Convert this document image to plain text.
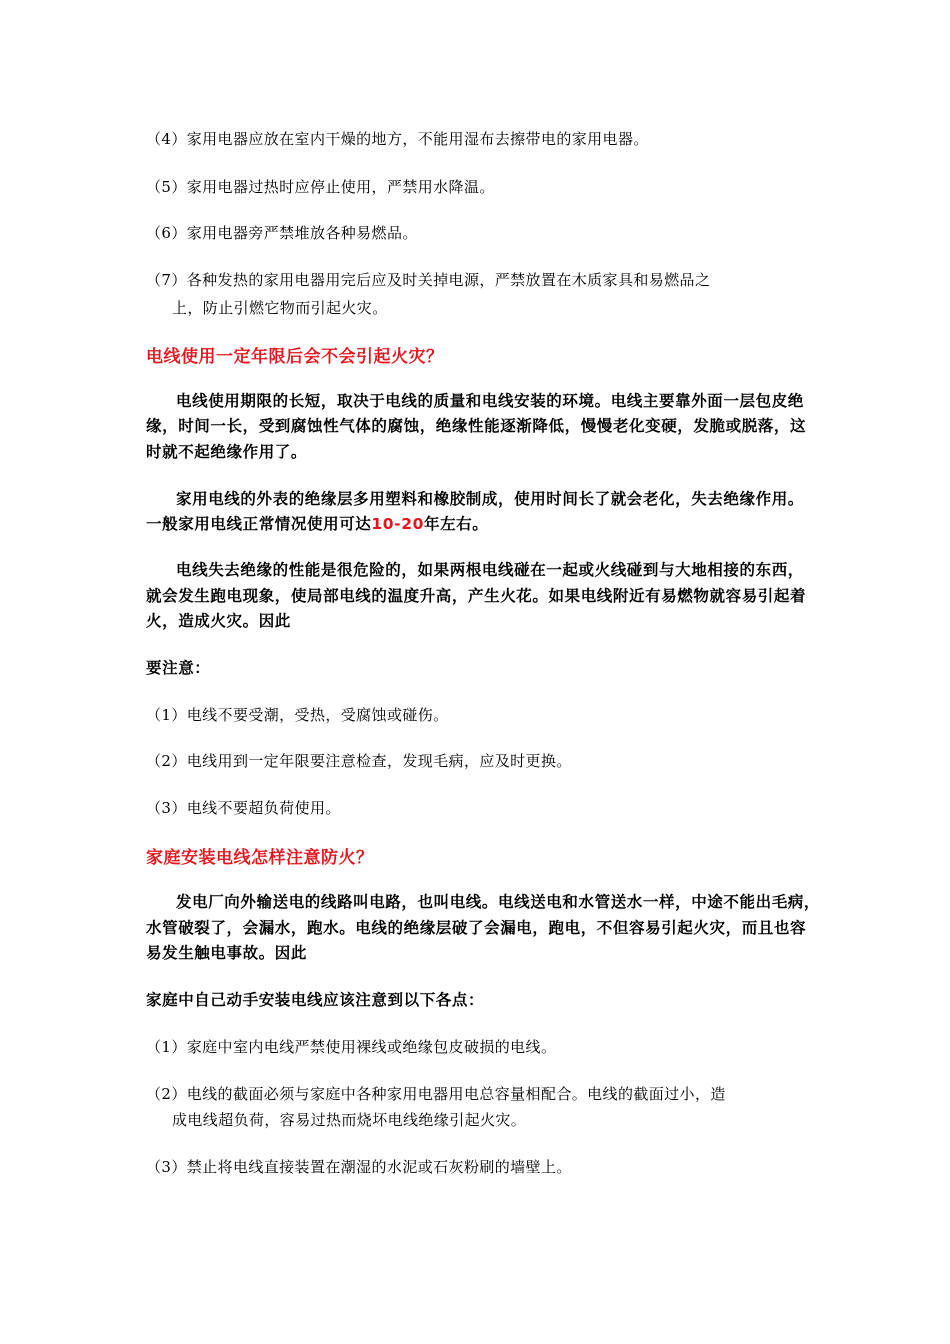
（4）家用电器应放在室内干燥的地方，不能用湿布去擦带电的家用电器。
（5）家用电器过热时应停止使用，严禁用水降温。
（6）家用电器旁严禁堆放各种易燃品。
（7）各种发热的家用电器用完后应及时关掉电源，严禁放置在木质家具和易燃品之
上，防止引燃它物而引起火灾。
电线使用一定年限后会不会引起火灾？
电线使用期限的长短，取决于电线的质量和电线安装的环境。电线主要靠外面一层包皮绝
缘，时间一长，受到腐蚀性气体的腐蚀，绝缘性能逐渐降低，慢慢老化变硬，发脆或脱落，这
时就不起绝缘作用了。
家用电线的外表的绝缘层多用塑料和橡胶制成，使用时间长了就会老化，失去绝缘作用。
一般家用电线正常情况使用可达10-20年左右。
电线失去绝缘的性能是很危险的，如果两根电线碰在一起或火线碰到与大地相接的东西，
就会发生跑电现象，使局部电线的温度升高，产生火花。如果电线附近有易燃物就容易引起着
火，造成火灾。因此
要注意：
（1）电线不要受潮，受热，受腐蚀或碰伤。
（2）电线用到一定年限要注意检查，发现毛病，应及时更换。
（3）电线不要超负荷使用。
家庭安装电线怎样注意防火？
发电厂向外输送电的线路叫电路，也叫电线。电线送电和水管送水一样，中途不能出毛病，
水管破裂了，会漏水，跑水。电线的绝缘层破了会漏电，跑电，不但容易引起火灾，而且也容
易发生触电事故。因此
家庭中自己动手安装电线应该注意到以下各点：
（1）家庭中室内电线严禁使用裸线或绝缘包皮破损的电线。
（2）电线的截面必须与家庭中各种家用电器用电总容量相配合。电线的截面过小，造
成电线超负荷，容易过热而烧坏电线绝缘引起火灾。
（3）禁止将电线直接装置在潮湿的水泥或石灰粉刷的墙壁上。
